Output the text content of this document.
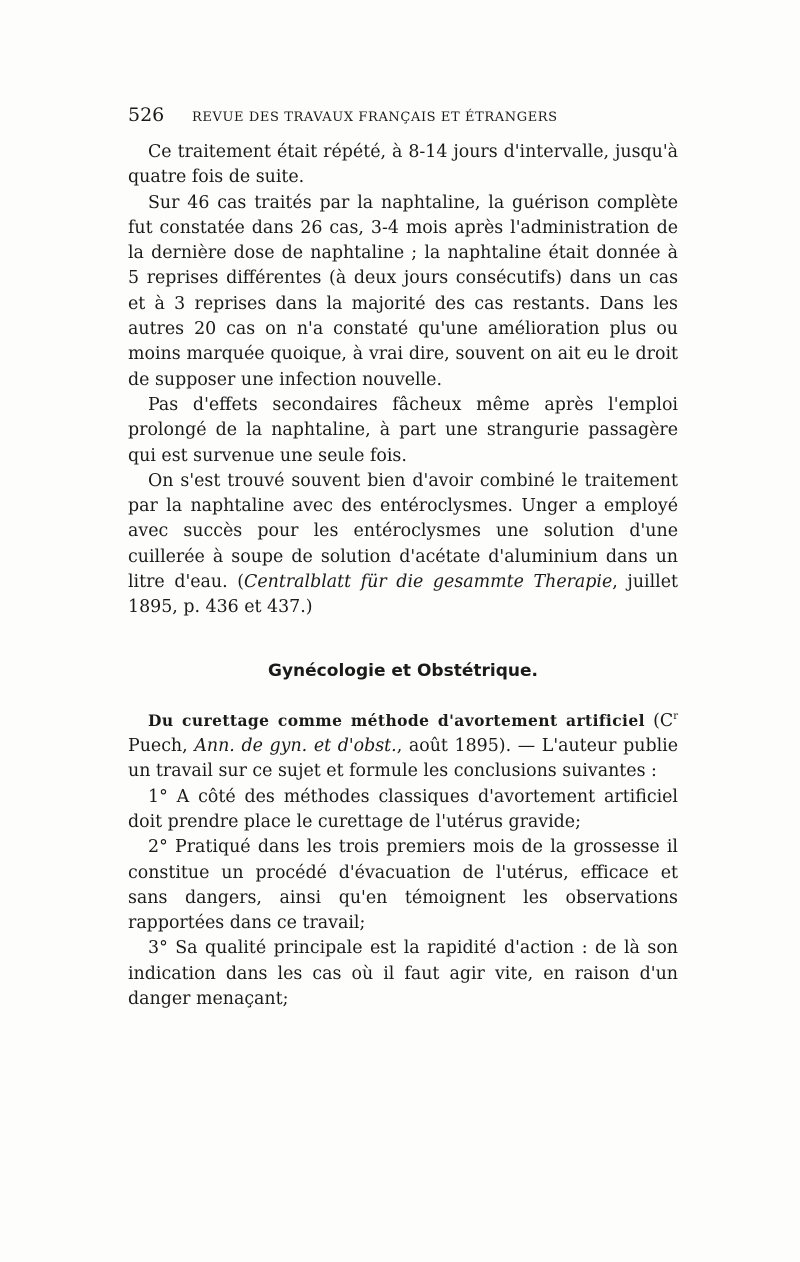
526	REVUE DES TRAVAUX FRANÇAIS ET ÉTRANGERS

Ce traitement était répété, à 8-14 jours d'intervalle, jusqu'à quatre fois de suite.

Sur 46 cas traités par la naphtaline, la guérison complète fut constatée dans 26 cas, 3-4 mois après l'administration de la dernière dose de naphtaline ; la naphtaline était donnée à 5 reprises différentes (à deux jours consécutifs) dans un cas et à 3 reprises dans la majorité des cas restants. Dans les autres 20 cas on n'a constaté qu'une amélioration plus ou moins marquée quoique, à vrai dire, souvent on ait eu le droit de supposer une infection nouvelle.

Pas d'effets secondaires fâcheux même après l'emploi prolongé de la naphtaline, à part une strangurie passagère qui est survenue une seule fois.

On s'est trouvé souvent bien d'avoir combiné le traitement par la naphtaline avec des entéroclysmes. Unger a employé avec succès pour les entéroclysmes une solution d'une cuillerée à soupe de solution d'acétate d'aluminium dans un litre d'eau. (Centralblatt für die gesammte Therapie, juillet 1895, p. 436 et 437.)

Gynécologie et Obstétrique.

Du curettage comme méthode d'avortement artificiel ($C^r$ Puech, Ann. de gyn. et d'obst., août 1895). — L'auteur publie un travail sur ce sujet et formule les conclusions suivantes :

1° A côté des méthodes classiques d'avortement artificiel doit prendre place le curettage de l'utérus gravide;

2° Pratiqué dans les trois premiers mois de la grossesse il constitue un procédé d'évacuation de l'utérus, efficace et sans dangers, ainsi qu'en témoignent les observations rapportées dans ce travail;

3° Sa qualité principale est la rapidité d'action : de là son indication dans les cas où il faut agir vite, en raison d'un danger menaçant;
